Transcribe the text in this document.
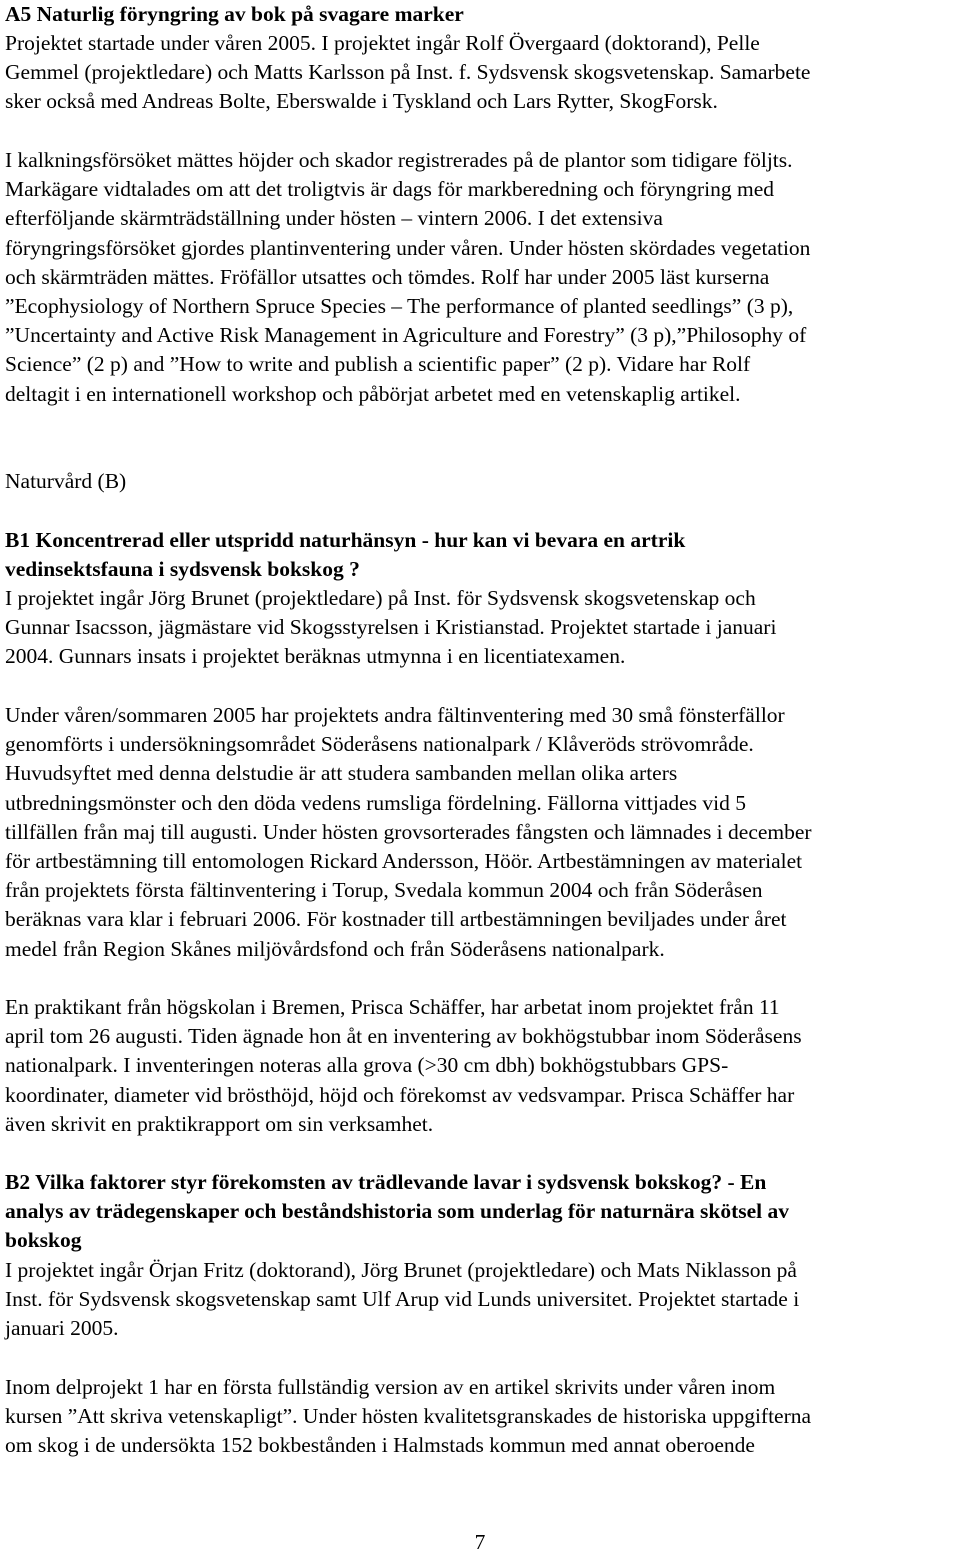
A5 Naturlig föryngring av bok på svagare marker
Projektet startade under våren 2005. I projektet ingår Rolf Övergaard (doktorand), Pelle
Gemmel (projektledare) och Matts Karlsson på Inst. f. Sydsvensk skogsvetenskap. Samarbete
sker också med Andreas Bolte, Eberswalde i Tyskland och Lars Rytter, SkogForsk.
I kalkningsförsöket mättes höjder och skador registrerades på de plantor som tidigare följts.
Markägare vidtalades om att det troligtvis är dags för markberedning och föryngring med
efterföljande skärmträdställning under hösten – vintern 2006. I det extensiva
föryngringsförsöket gjordes plantinventering under våren. Under hösten skördades vegetation
och skärmträden mättes. Fröfällor utsattes och tömdes. Rolf har under 2005 läst kurserna
”Ecophysiology of Northern Spruce Species – The performance of planted seedlings” (3 p),
”Uncertainty and Active Risk Management in Agriculture and Forestry” (3 p),”Philosophy of
Science” (2 p) and ”How to write and publish a scientific paper” (2 p). Vidare har Rolf
deltagit i en internationell workshop och påbörjat arbetet med en vetenskaplig artikel.
Naturvård (B)
B1 Koncentrerad eller utspridd naturhänsyn - hur kan vi bevara en artrik
vedinsektsfauna i sydsvensk bokskog ?
I projektet ingår Jörg Brunet (projektledare) på Inst. för Sydsvensk skogsvetenskap och
Gunnar Isacsson, jägmästare vid Skogsstyrelsen i Kristianstad. Projektet startade i januari
2004. Gunnars insats i projektet beräknas utmynna i en licentiatexamen.
Under våren/sommaren 2005 har projektets andra fältinventering med 30 små fönsterfällor
genomförts i undersökningsområdet Söderåsens nationalpark / Klåveröds strövområde.
Huvudsyftet med denna delstudie är att studera sambanden mellan olika arters
utbredningsmönster och den döda vedens rumsliga fördelning. Fällorna vittjades vid 5
tillfällen från maj till augusti. Under hösten grovsorterades fångsten och lämnades i december
för artbestämning till entomologen Rickard Andersson, Höör. Artbestämningen av materialet
från projektets första fältinventering i Torup, Svedala kommun 2004 och från Söderåsen
beräknas vara klar i februari 2006. För kostnader till artbestämningen beviljades under året
medel från Region Skånes miljövårdsfond och från Söderåsens nationalpark.
En praktikant från högskolan i Bremen, Prisca Schäffer, har arbetat inom projektet från 11
april tom 26 augusti. Tiden ägnade hon åt en inventering av bokhögstubbar inom Söderåsens
nationalpark. I inventeringen noteras alla grova (>30 cm dbh) bokhögstubbars GPS-
koordinater, diameter vid brösthöjd, höjd och förekomst av vedsvampar. Prisca Schäffer har
även skrivit en praktikrapport om sin verksamhet.
B2 Vilka faktorer styr förekomsten av trädlevande lavar i sydsvensk bokskog? - En
analys av trädegenskaper och beståndshistoria som underlag för naturnära skötsel av
bokskog
I projektet ingår Örjan Fritz (doktorand), Jörg Brunet (projektledare) och Mats Niklasson på
Inst. för Sydsvensk skogsvetenskap samt Ulf Arup vid Lunds universitet. Projektet startade i
januari 2005.
Inom delprojekt 1 har en första fullständig version av en artikel skrivits under våren inom
kursen ”Att skriva vetenskapligt”. Under hösten kvalitetsgranskades de historiska uppgifterna
om skog i de undersökta 152 bokbestånden i Halmstads kommun med annat oberoende
7
